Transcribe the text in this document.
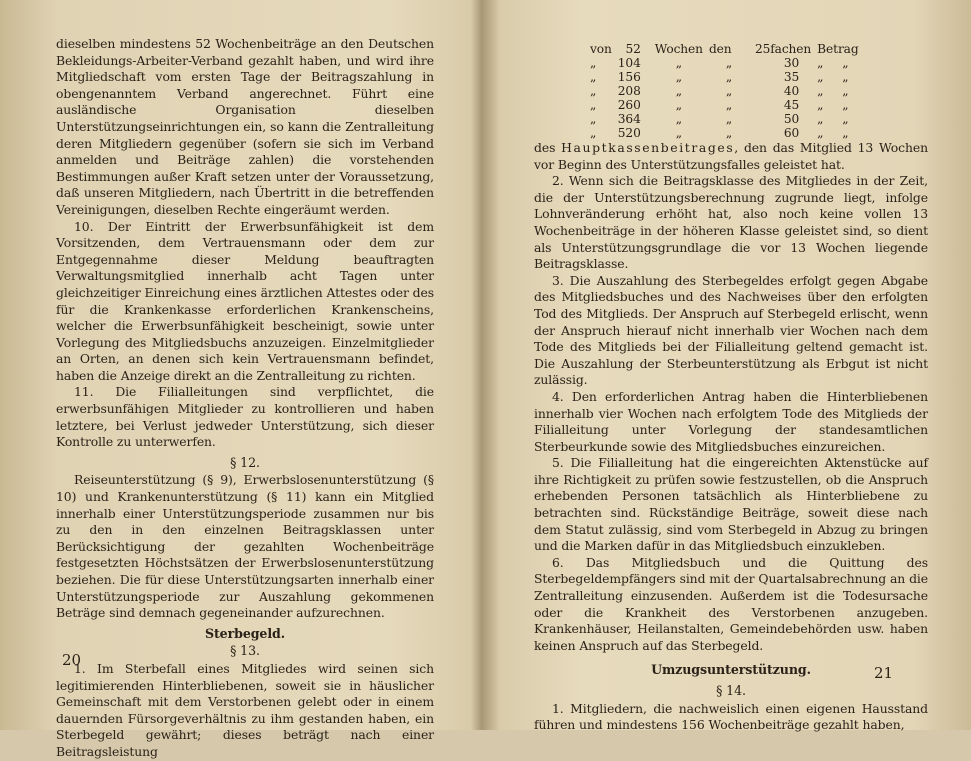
dieselben mindestens 52 Wochenbeiträge an den Deutschen Bekleidungs-Arbeiter-Verband gezahlt haben, und wird ihre Mitgliedschaft vom ersten Tage der Beitragszahlung in obengenanntem Verband angerechnet. Führt eine ausländische Organisation dieselben Unterstützungseinrichtungen ein, so kann die Zentralleitung deren Mitgliedern gegenüber (sofern sie sich im Verband anmelden und Beiträge zahlen) die vorstehenden Bestimmungen außer Kraft setzen unter der Voraussetzung, daß unseren Mitgliedern, nach Übertritt in die betreffenden Vereinigungen, dieselben Rechte eingeräumt werden.

10. Der Eintritt der Erwerbsunfähigkeit ist dem Vorsitzenden, dem Vertrauensmann oder dem zur Entgegennahme dieser Meldung beauftragten Verwaltungsmitglied innerhalb acht Tagen unter gleichzeitiger Einreichung eines ärztlichen Attestes oder des für die Krankenkasse erforderlichen Krankenscheins, welcher die Erwerbsunfähigkeit bescheinigt, sowie unter Vorlegung des Mitgliedsbuchs anzuzeigen. Einzelmitglieder an Orten, an denen sich kein Vertrauensmann befindet, haben die Anzeige direkt an die Zentralleitung zu richten.

11. Die Filialleitungen sind verpflichtet, die erwerbsunfähigen Mitglieder zu kontrollieren und haben letztere, bei Verlust jedweder Unterstützung, sich dieser Kontrolle zu unterwerfen.

§ 12.

Reiseunterstützung (§ 9), Erwerbslosenunterstützung (§ 10) und Krankenunterstützung (§ 11) kann ein Mitglied innerhalb einer Unterstützungsperiode zusammen nur bis zu den in den einzelnen Beitragsklassen unter Berücksichtigung der gezahlten Wochenbeiträge festgesetzten Höchstsätzen der Erwerbslosenunterstützung beziehen. Die für diese Unterstützungsarten innerhalb einer Unterstützungsperiode zur Auszahlung gekommenen Beträge sind demnach gegeneinander aufzurechnen.

Sterbegeld.
§ 13.

1. Im Sterbefall eines Mitgliedes wird seinen sich legitimierenden Hinterbliebenen, soweit sie in häuslicher Gemeinschaft mit dem Verstorbenen gelebt oder in einem dauernden Fürsorgeverhältnis zu ihm gestanden haben, ein Sterbegeld gewährt; dieses beträgt nach einer Beitragsleistung

20
von	52	Wochen	den	25fachen	Betrag
„	104	„	„	30	„ „
„	156	„	„	35	„ „
„	208	„	„	40	„ „
„	260	„	„	45	„ „
„	364	„	„	50	„ „
„	520	„	„	60	„ „

des Hauptkassenbeitrages, den das Mitglied 13 Wochen vor Beginn des Unterstützungsfalles geleistet hat.

2. Wenn sich die Beitragsklasse des Mitgliedes in der Zeit, die der Unterstützungsberechnung zugrunde liegt, infolge Lohnveränderung erhöht hat, also noch keine vollen 13 Wochenbeiträge in der höheren Klasse geleistet sind, so dient als Unterstützungsgrundlage die vor 13 Wochen liegende Beitragsklasse.

3. Die Auszahlung des Sterbegeldes erfolgt gegen Abgabe des Mitgliedsbuches und des Nachweises über den erfolgten Tod des Mitglieds. Der Anspruch auf Sterbegeld erlischt, wenn der Anspruch hierauf nicht innerhalb vier Wochen nach dem Tode des Mitglieds bei der Filialleitung geltend gemacht ist. Die Auszahlung der Sterbeunterstützung als Erbgut ist nicht zulässig.

4. Den erforderlichen Antrag haben die Hinterbliebenen innerhalb vier Wochen nach erfolgtem Tode des Mitglieds der Filialleitung unter Vorlegung der standesamtlichen Sterbeurkunde sowie des Mitgliedsbuches einzureichen.

5. Die Filialleitung hat die eingereichten Aktenstücke auf ihre Richtigkeit zu prüfen sowie festzustellen, ob die Anspruch erhebenden Personen tatsächlich als Hinterbliebene zu betrachten sind. Rückständige Beiträge, soweit diese nach dem Statut zulässig, sind vom Sterbegeld in Abzug zu bringen und die Marken dafür in das Mitgliedsbuch einzukleben.

6. Das Mitgliedsbuch und die Quittung des Sterbegeldempfängers sind mit der Quartalsabrechnung an die Zentralleitung einzusenden. Außerdem ist die Todesursache oder die Krankheit des Verstorbenen anzugeben. Krankenhäuser, Heilanstalten, Gemeindebehörden usw. haben keinen Anspruch auf das Sterbegeld.

Umzugsunterstützung.
§ 14.

1. Mitgliedern, die nachweislich einen eigenen Hausstand führen und mindestens 156 Wochenbeiträge gezahlt haben,

21
